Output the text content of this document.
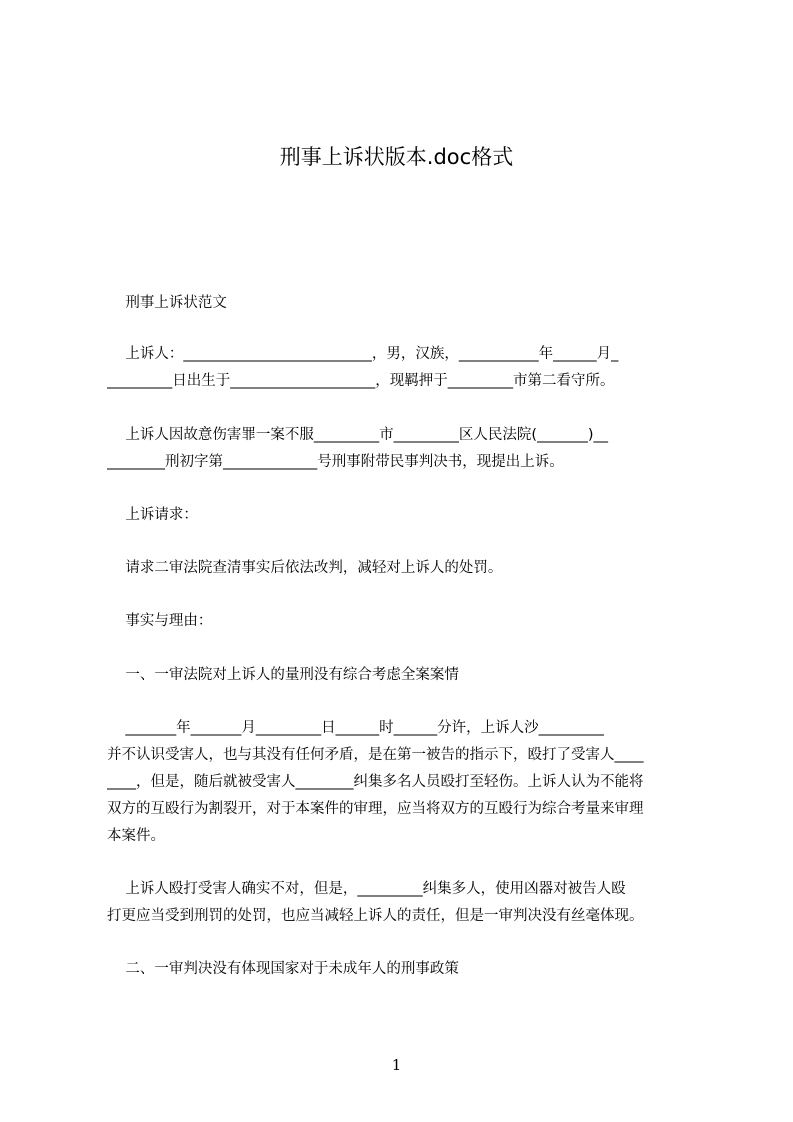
刑事上诉状版本.doc格式
刑事上诉状范文
上诉人：__________________________，男，汉族，___________年______月_
_________日出生于____________________，现羁押于_________市第二看守所。
上诉人因故意伤害罪一案不服_________市_________区人民法院(_______)__
________刑初字第_____________号刑事附带民事判决书，现提出上诉。
上诉请求：
请求二审法院查清事实后依法改判，减轻对上诉人的处罚。
事实与理由：
一、一审法院对上诉人的量刑没有综合考虑全案案情
_______年_______月_________日______时______分许，上诉人沙_________
并不认识受害人，也与其没有任何矛盾，是在第一被告的指示下，殴打了受害人____
____，但是，随后就被受害人________纠集多名人员殴打至轻伤。上诉人认为不能将
双方的互殴行为割裂开，对于本案件的审理，应当将双方的互殴行为综合考量来审理
本案件。
上诉人殴打受害人确实不对，但是，_________纠集多人，使用凶器对被告人殴
打更应当受到刑罚的处罚，也应当减轻上诉人的责任，但是一审判决没有丝毫体现。
二、一审判决没有体现国家对于未成年人的刑事政策
1
